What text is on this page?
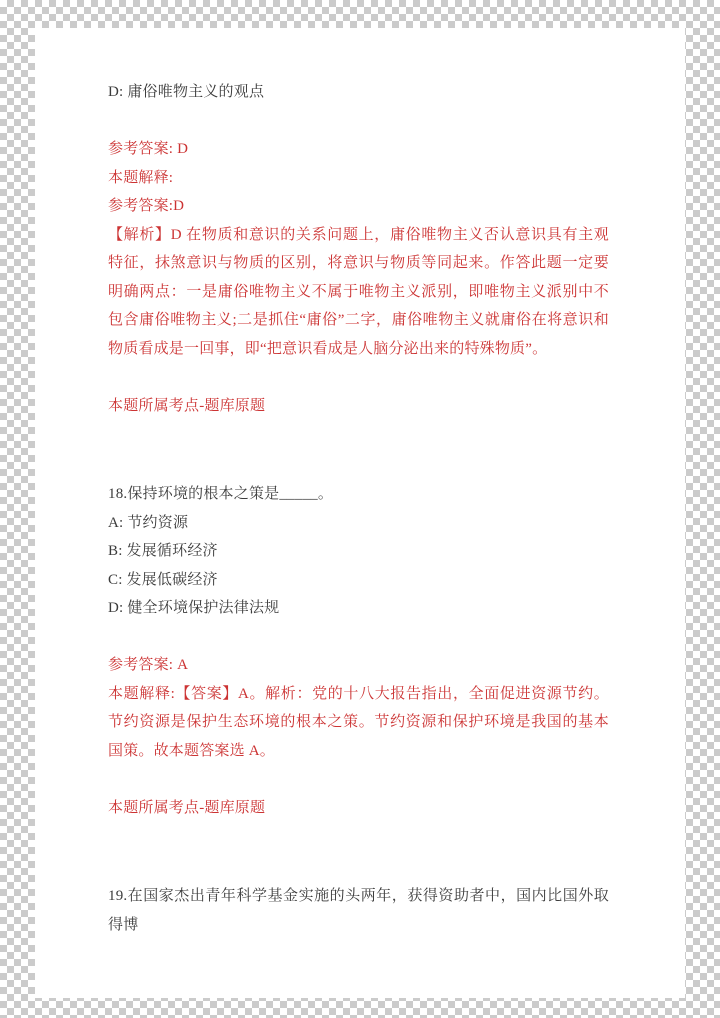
D: 庸俗唯物主义的观点

参考答案: D

本题解释:

参考答案:D

【解析】D 在物质和意识的关系问题上，庸俗唯物主义否认意识具有主观特征，抹煞意识与物质的区别，将意识与物质等同起来。作答此题一定要明确两点：一是庸俗唯物主义不属于唯物主义派别，即唯物主义派别中不包含庸俗唯物主义;二是抓住“庸俗”二字，庸俗唯物主义就庸俗在将意识和物质看成是一回事，即“把意识看成是人脑分泌出来的特殊物质”。

本题所属考点-题库原题

18.保持环境的根本之策是_____。

A: 节约资源

B: 发展循环经济

C: 发展低碳经济

D: 健全环境保护法律法规

参考答案: A

本题解释:【答案】A。解析：党的十八大报告指出，全面促进资源节约。节约资源是保护生态环境的根本之策。节约资源和保护环境是我国的基本国策。故本题答案选 A。

本题所属考点-题库原题

19.在国家杰出青年科学基金实施的头两年，获得资助者中，国内比国外取得博
